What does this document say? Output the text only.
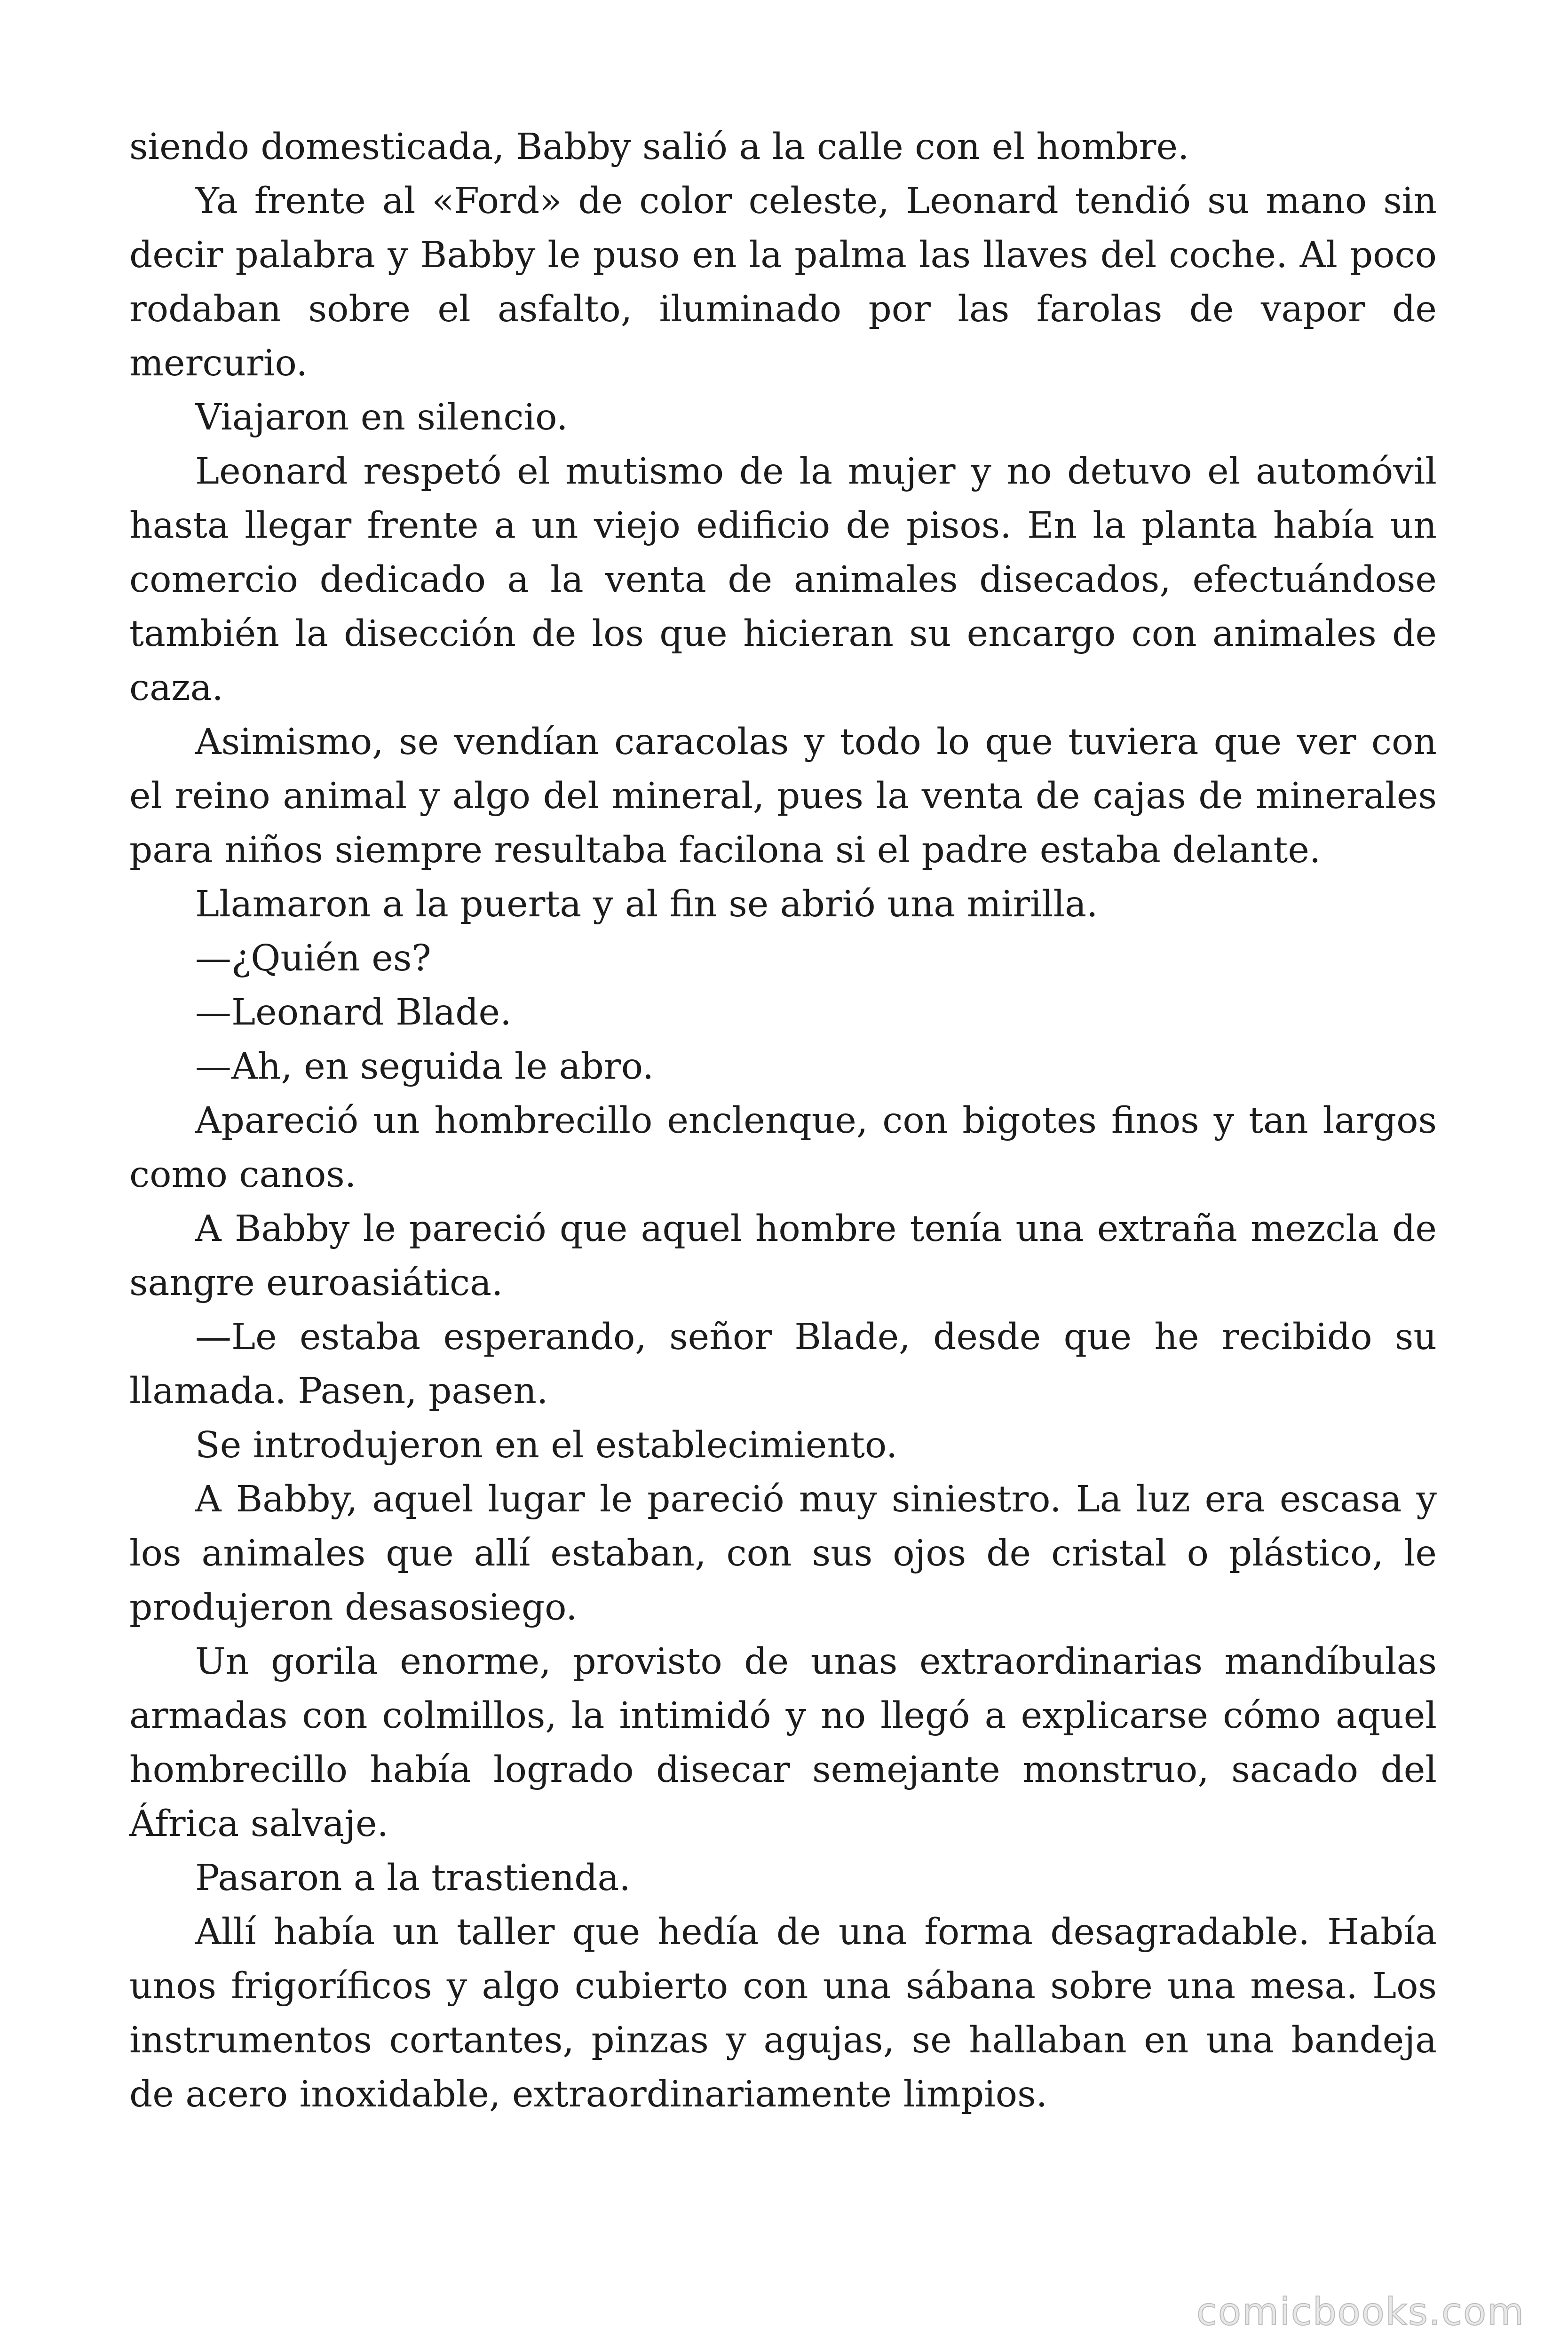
siendo domesticada, Babby salió a la calle con el hombre.

Ya frente al «Ford» de color celeste, Leonard tendió su mano sin decir palabra y Babby le puso en la palma las llaves del coche. Al poco rodaban sobre el asfalto, iluminado por las farolas de vapor de mercurio.

Viajaron en silencio.

Leonard respetó el mutismo de la mujer y no detuvo el automóvil hasta llegar frente a un viejo edificio de pisos. En la planta había un comercio dedicado a la venta de animales disecados, efectuándose también la disección de los que hicieran su encargo con animales de caza.

Asimismo, se vendían caracolas y todo lo que tuviera que ver con el reino animal y algo del mineral, pues la venta de cajas de minerales para niños siempre resultaba facilona si el padre estaba delante.

Llamaron a la puerta y al fin se abrió una mirilla.

—¿Quién es?

—Leonard Blade.

—Ah, en seguida le abro.

Apareció un hombrecillo enclenque, con bigotes finos y tan largos como canos.

A Babby le pareció que aquel hombre tenía una extraña mezcla de sangre euroasiática.

—Le estaba esperando, señor Blade, desde que he recibido su llamada. Pasen, pasen.

Se introdujeron en el establecimiento.

A Babby, aquel lugar le pareció muy siniestro. La luz era escasa y los animales que allí estaban, con sus ojos de cristal o plástico, le produjeron desasosiego.

Un gorila enorme, provisto de unas extraordinarias mandíbulas armadas con colmillos, la intimidó y no llegó a explicarse cómo aquel hombrecillo había logrado disecar semejante monstruo, sacado del África salvaje.

Pasaron a la trastienda.

Allí había un taller que hedía de una forma desagradable. Había unos frigoríficos y algo cubierto con una sábana sobre una mesa. Los instrumentos cortantes, pinzas y agujas, se hallaban en una bandeja de acero inoxidable, extraordinariamente limpios.

comicbooks.com
